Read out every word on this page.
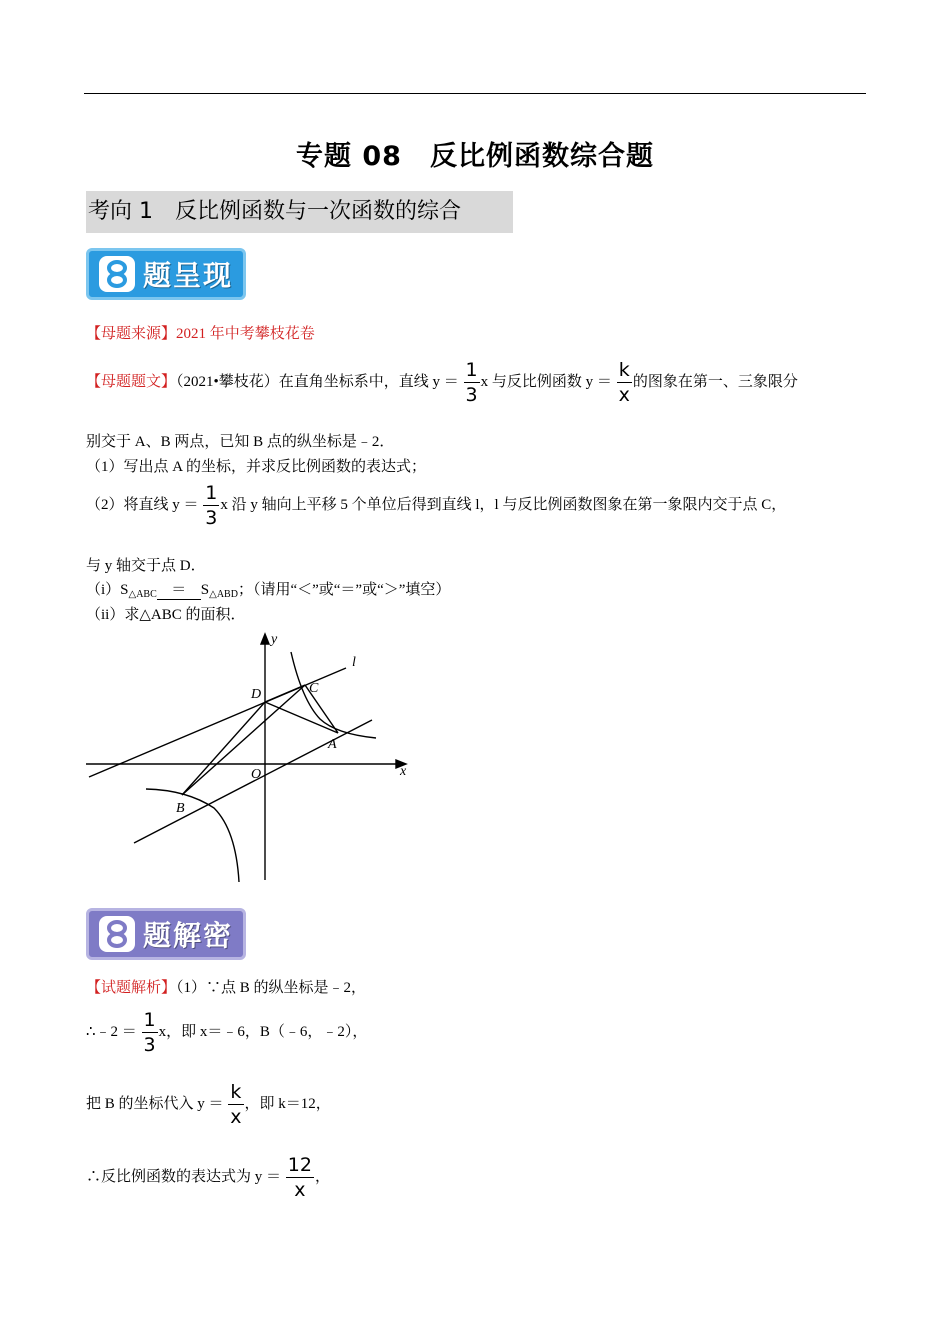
专题 08　反比例函数综合题
考向 1　反比例函数与一次函数的综合
题呈现
【母题来源】2021 年中考攀枝花卷
【母题题文】（2021•攀枝花）在直角坐标系中，直线 $y = \frac{1}{3}$ x 与反比例函数 $y = \frac{k}{x}$ 的图象在第一、三象限分
别交于 A、B 两点，已知 B 点的纵坐标是﹣2．
（1）写出点 A 的坐标，并求反比例函数的表达式；
（2）将直线 $y = \frac{1}{3}$ x 沿 y 轴向上平移 5 个单位后得到直线 l，l 与反比例函数图象在第一象限内交于点 C，
与 y 轴交于点 D．
$(i)S_{\triangle ABC} = S_{\triangle ABD}$；（请用“＜”或“＝”或“＞”填空）
（ii）求△ABC 的面积．
y
x
l
D	C
A
O
B
题解密
【试题解析】（1）∵点 B 的纵坐标是﹣2，
∴﹣2 ＝ $\frac{1}{3}$ x，即 x＝﹣6，B（﹣6，﹣2），
把 B 的坐标代入 $y = \frac{k}{x}$ ，即 k＝12，
∴反比例函数的表达式为 $y = \frac{12}{x}$ ，
